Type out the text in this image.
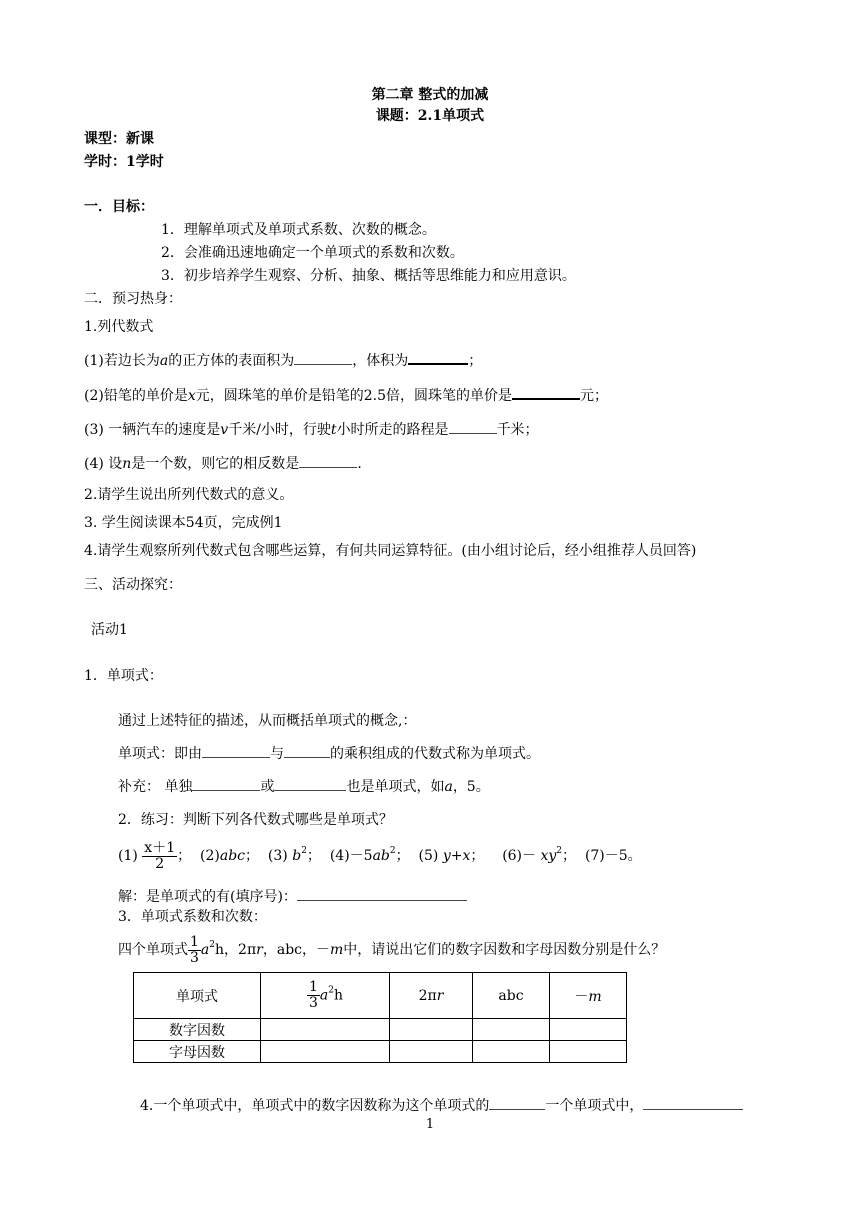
第二章 整式的加减
课题：2.1单项式
课型：新课
学时：1学时
一．目标：
1．理解单项式及单项式系数、次数的概念。
2．会准确迅速地确定一个单项式的系数和次数。
3．初步培养学生观察、分析、抽象、概括等思维能力和应用意识。
二．预习热身：
1.列代数式
(1)若边长为a的正方体的表面积为	，体积为	；
(2)铅笔的单价是x元，圆珠笔的单价是铅笔的2.5倍，圆珠笔的单价是	元；
(3) 一辆汽车的速度是v千米/小时，行驶t小时所走的路程是	千米；
(4) 设n是一个数，则它的相反数是	.
2.请学生说出所列代数式的意义。
3. 学生阅读课本54页，完成例1
4.请学生观察所列代数式包含哪些运算，有何共同运算特征。(由小组讨论后，经小组推荐人员回答)
三、活动探究：
活动1
1．单项式：
通过上述特征的描述，从而概括单项式的概念,：
单项式：即由	与	的乘积组成的代数式称为单项式。
补充： 单独	或	也是单项式，如a，5。
2．练习：判断下列各代数式哪些是单项式？
$(1) \frac{x+1}{2}$ ； (2)abc； (3) $b^2$； $(4)-5ab^2$； (5) y+x； $(6)- xy^2$； (7)－5。
解：是单项式的有(填序号)：
3．单项式系数和次数：
四个单项式 $\frac{1}{3} a^2h$，2πr，abc，－m中，请说出它们的数字因数和字母因数分别是什么？
单项式	$\frac{1}{3} a^2h$	2πr	abc	－m
数字因数				
字母因数				
4.一个单项式中，单项式中的数字因数称为这个单项式的	一个单项式中，
1
